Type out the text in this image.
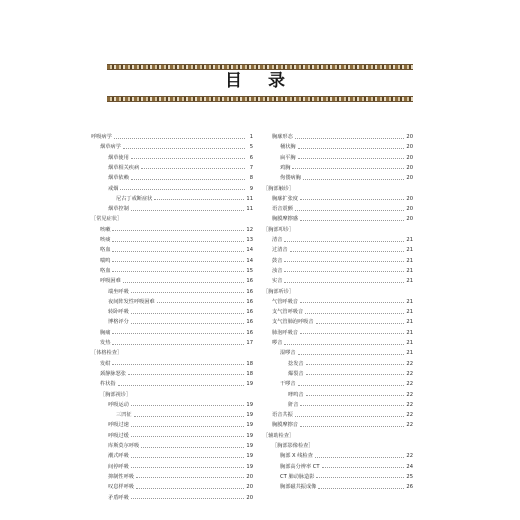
目 录
呼吸病学	1
烟草病学	5
烟草使用	6
烟草相关疾病	7
烟草依赖	8
戒烟	9
尼古丁戒断症状	11
烟草控制	11
［常见症状］
咳嗽	12
咳痰	13
咯血	14
喘鸣	14
咯血	15
呼吸困难	16
端坐呼吸	16
夜间阵发性呼吸困难	16
转卧呼吸	16
博格评分	16
胸痛	16
发热	17
［体格检查］
发绀	18
颈静脉怒张	18
杵状指	19
［胸部视诊］
呼吸运动	19
三凹征	19
呼吸过速	19
呼吸过缓	19
库斯莫尔呼吸	19
潮式呼吸	19
间停呼吸	19
抑制性呼吸	20
叹息样呼吸	20
矛盾呼吸	20
胸廓形态	20
桶状胸	20
扁平胸	20
鸡胸	20
佝偻病胸	20
［胸部触诊］
胸廓扩张度	20
语音震颤	20
胸膜摩擦感	20
［胸部叩诊］
清音	21
过清音	21
鼓音	21
浊音	21
实音	21
［胸部听诊］
气管呼吸音	21
支气管呼吸音	21
支气管肺泡呼吸音	21
肺泡呼吸音	21
啰音	21
湿啰音	21
捻发音	22
爆裂音	22
干啰音	22
哮鸣音	22
鼾音	22
语音共振	22
胸膜摩擦音	22
［辅助检查］
［胸部影像检查］
胸部 X 线检查	22
胸部高分辨率 CT	24
CT 肺动脉造影	25
胸部磁共振成像	26
